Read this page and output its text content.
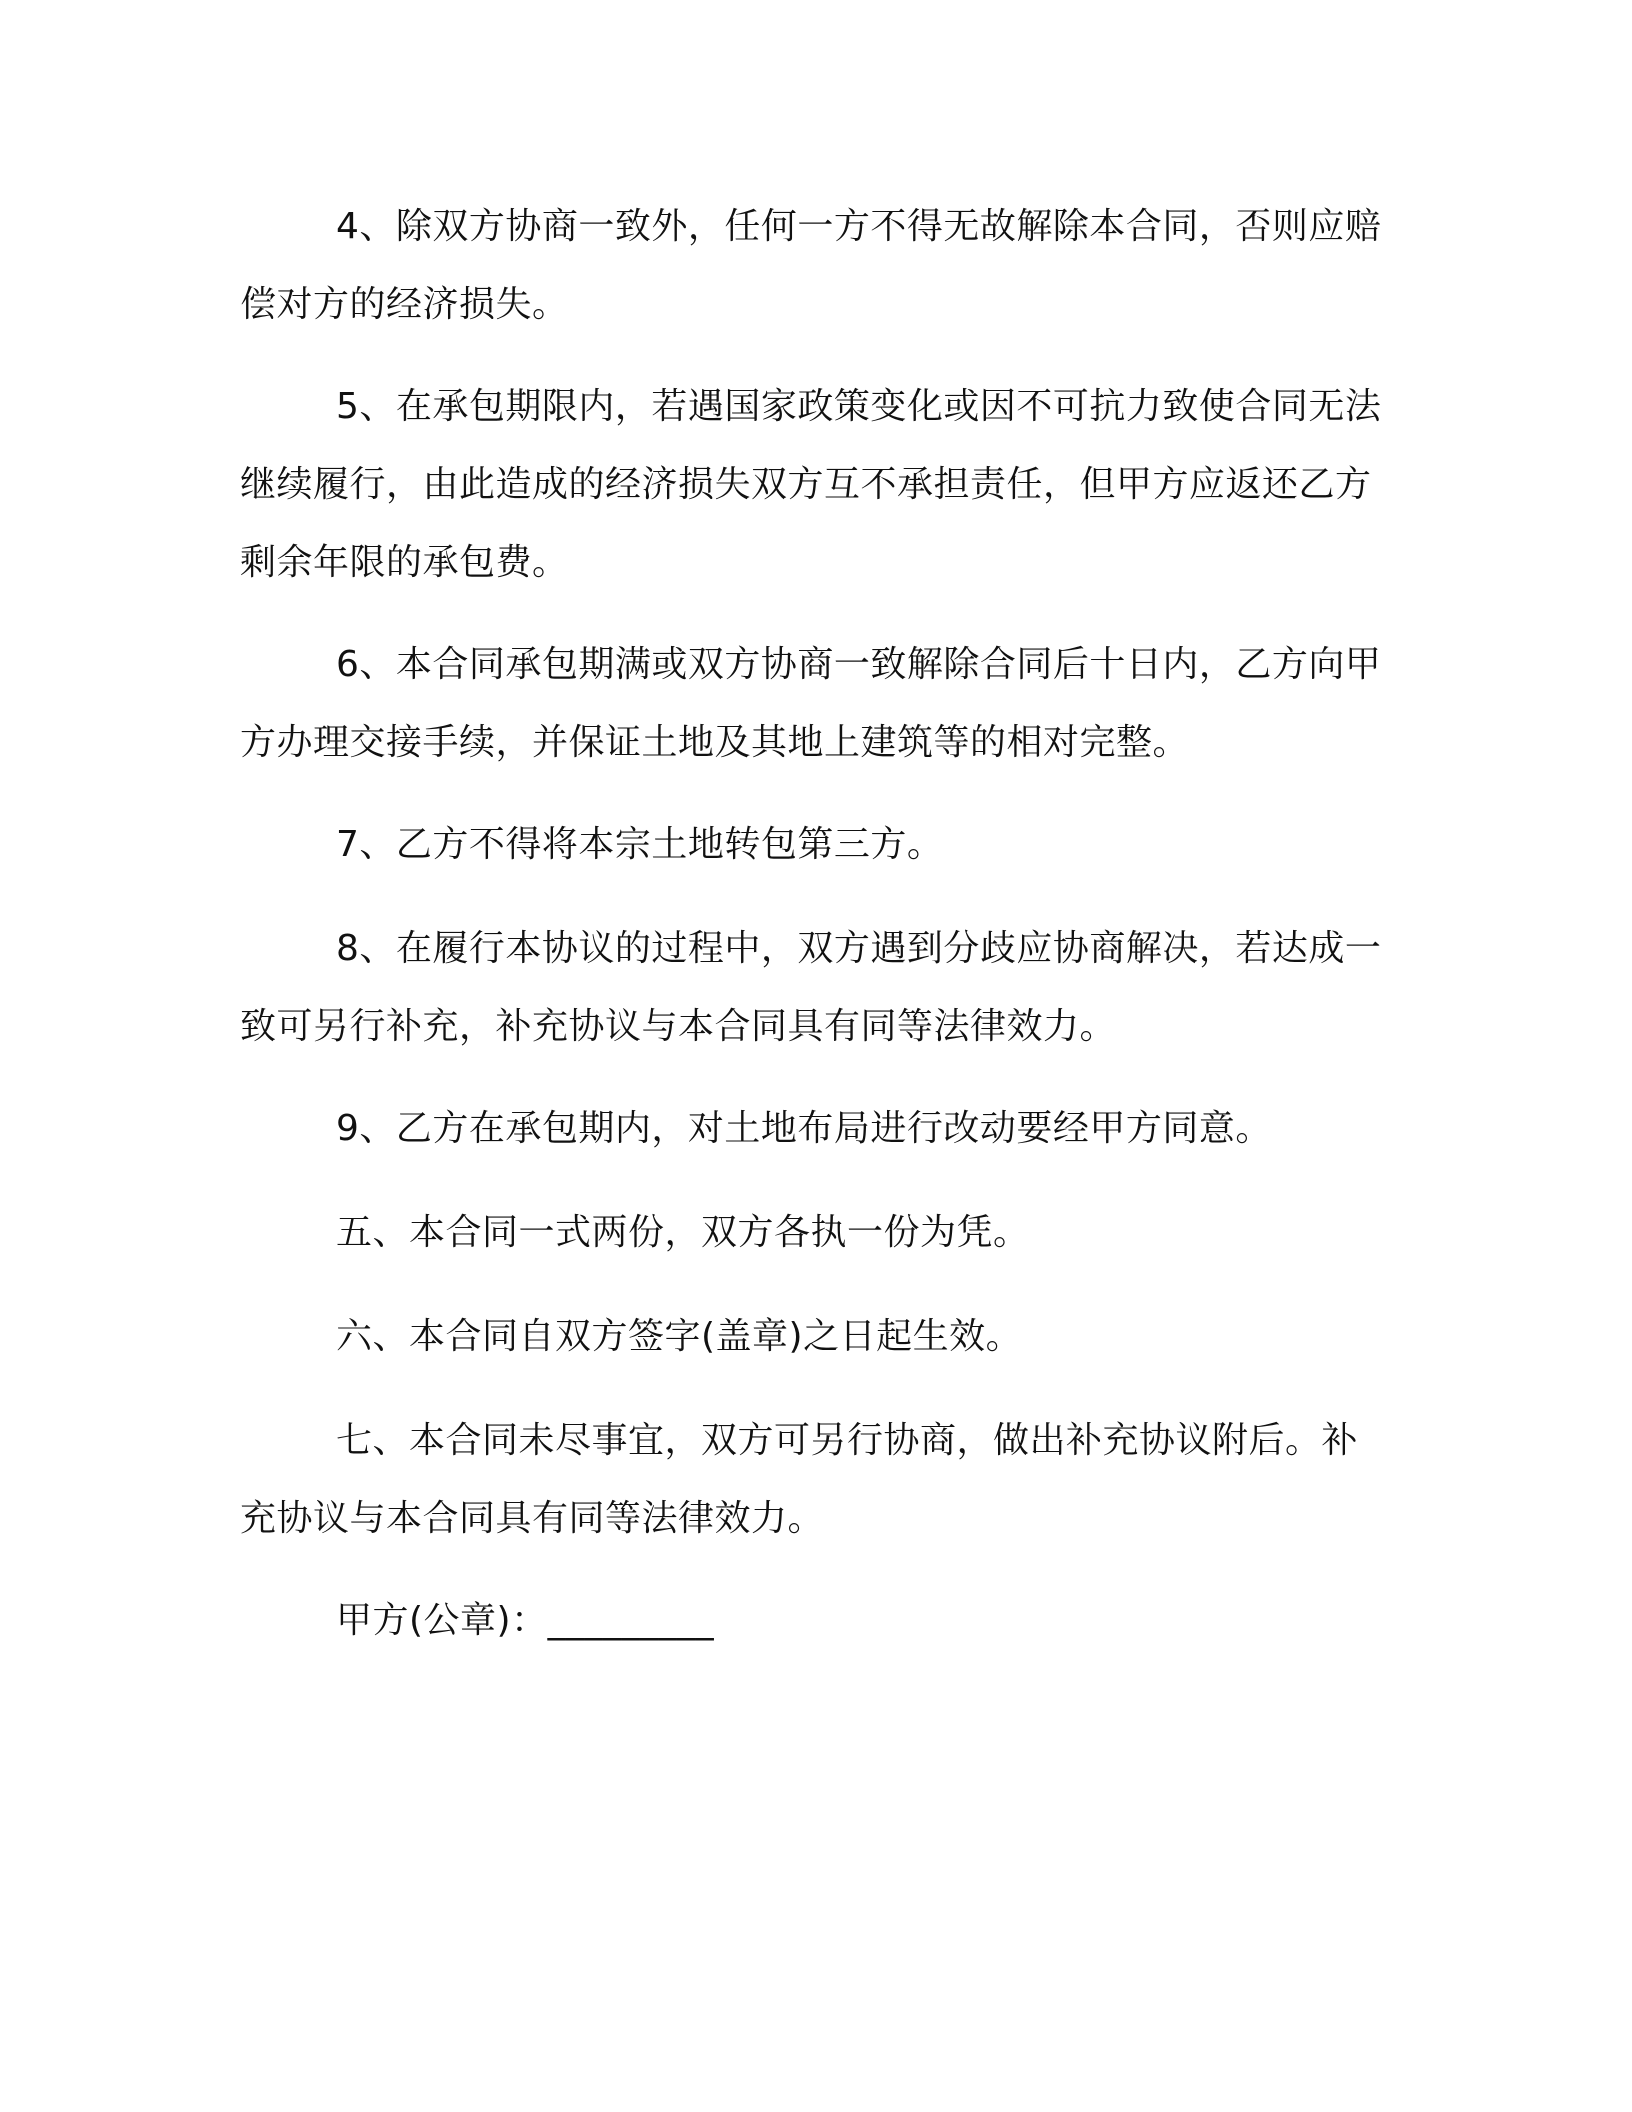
4、除双方协商一致外，任何一方不得无故解除本合同，否则应赔偿对方的经济损失。

5、在承包期限内，若遇国家政策变化或因不可抗力致使合同无法继续履行，由此造成的经济损失双方互不承担责任，但甲方应返还乙方剩余年限的承包费。

6、本合同承包期满或双方协商一致解除合同后十日内，乙方向甲方办理交接手续，并保证土地及其地上建筑等的相对完整。

7、乙方不得将本宗土地转包第三方。

8、在履行本协议的过程中，双方遇到分歧应协商解决，若达成一致可另行补充，补充协议与本合同具有同等法律效力。

9、乙方在承包期内，对土地布局进行改动要经甲方同意。

五、本合同一式两份，双方各执一份为凭。

六、本合同自双方签字(盖章)之日起生效。

七、本合同未尽事宜，双方可另行协商，做出补充协议附后。补充协议与本合同具有同等法律效力。

甲方(公章)：_________
